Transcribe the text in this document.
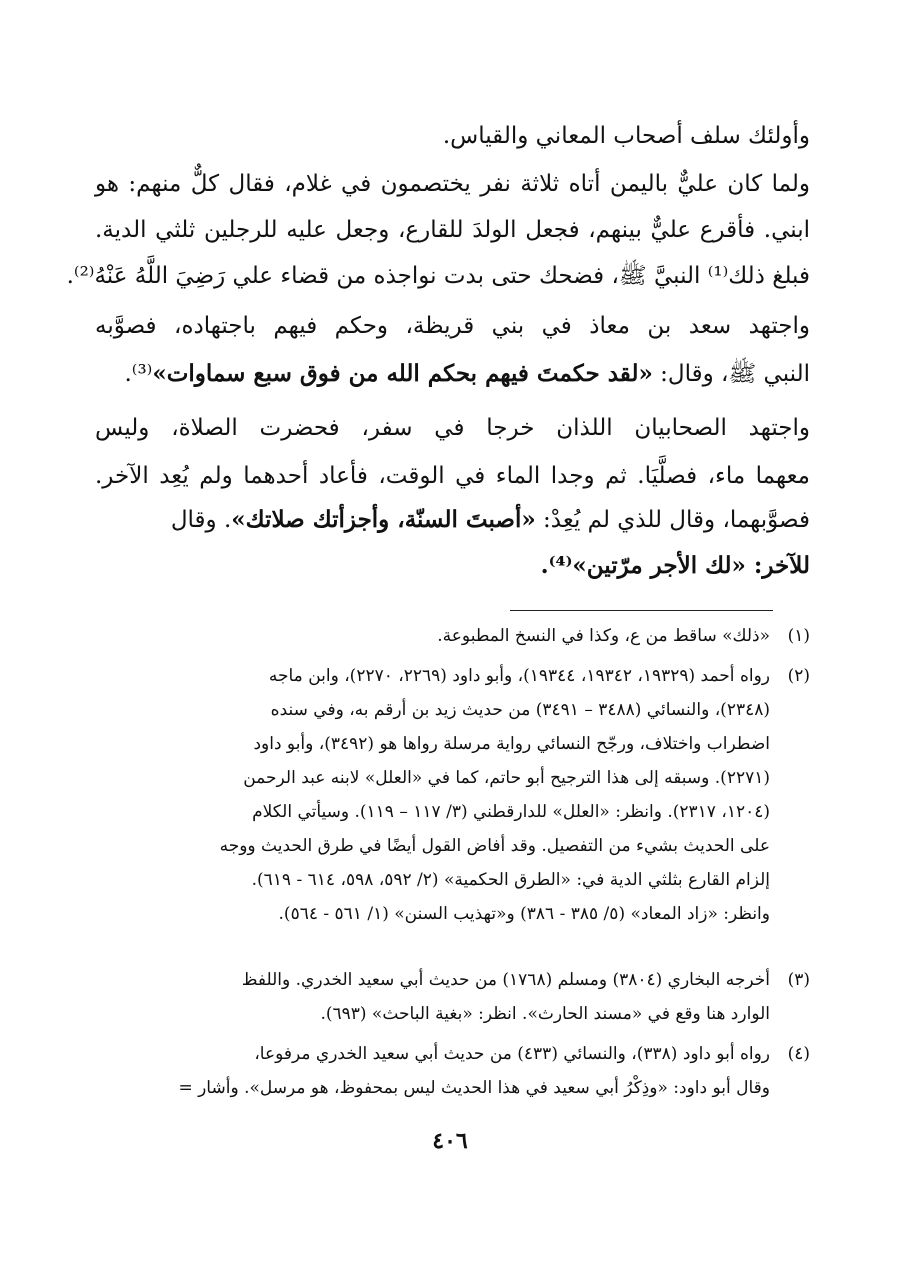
وأولئك سلف أصحاب المعاني والقياس.
ولما كان عليٌّ باليمن أتاه ثلاثة نفر يختصمون في غلام، فقال كلٌّ منهم: هو
ابني. فأقرع عليٌّ بينهم، فجعل الولدَ للقارع، وجعل عليه للرجلين ثلثي الدية.
فبلغ ذلك⁽¹⁾ النبيَّ ﷺ، فضحك حتى بدت نواجذه من قضاء علي رَضِيَ اللَّهُ عَنْهُ⁽²⁾.
واجتهد سعد بن معاذ في بني قريظة، وحكم فيهم باجتهاده، فصوَّبه
النبي ﷺ، وقال: «لقد حكمتَ فيهم بحكم الله من فوق سبع سماوات»⁽³⁾.
واجتهد الصحابيان اللذان خرجا في سفر، فحضرت الصلاة، وليس
معهما ماء، فصلَّيَا. ثم وجدا الماء في الوقت، فأعاد أحدهما ولم يُعِد الآخر.
فصوَّبهما، وقال للذي لم يُعِدْ: «أصبتَ السنّة، وأجزأتك صلاتك». وقال
للآخر: «لك الأجر مرّتين»⁽⁴⁾.
(١)
«ذلك» ساقط من ع، وكذا في النسخ المطبوعة.
(٢)
رواه أحمد (١٩٣٢٩، ١٩٣٤٢، ١٩٣٤٤)، وأبو داود (٢٢٦٩، ٢٢٧٠)، وابن ماجه
(٢٣٤٨)، والنسائي (٣٤٨٨ – ٣٤٩١) من حديث زيد بن أرقم به، وفي سنده
اضطراب واختلاف، ورجّح النسائي رواية مرسلة رواها هو (٣٤٩٢)، وأبو داود
(٢٢٧١). وسبقه إلى هذا الترجيح أبو حاتم، كما في «العلل» لابنه عبد الرحمن
(١٢٠٤، ٢٣١٧). وانظر: «العلل» للدارقطني (٣/ ١١٧ – ١١٩). وسيأتي الكلام
على الحديث بشيء من التفصيل. وقد أفاض القول أيضًا في طرق الحديث ووجه
إلزام القارع بثلثي الدية في: «الطرق الحكمية» (٢/ ٥٩٢، ٥٩٨، ٦١٤ - ٦١٩).
وانظر: «زاد المعاد» (٥/ ٣٨٥ - ٣٨٦) و«تهذيب السنن» (١/ ٥٦١ - ٥٦٤).
(٣)
أخرجه البخاري (٣٨٠٤) ومسلم (١٧٦٨) من حديث أبي سعيد الخدري. واللفظ
الوارد هنا وقع في «مسند الحارث». انظر: «بغية الباحث» (٦٩٣).
(٤)
رواه أبو داود (٣٣٨)، والنسائي (٤٣٣) من حديث أبي سعيد الخدري مرفوعا،
وقال أبو داود: «وذِكْرُ أبي سعيد في هذا الحديث ليس بمحفوظ، هو مرسل». وأشار =
٤٠٦
